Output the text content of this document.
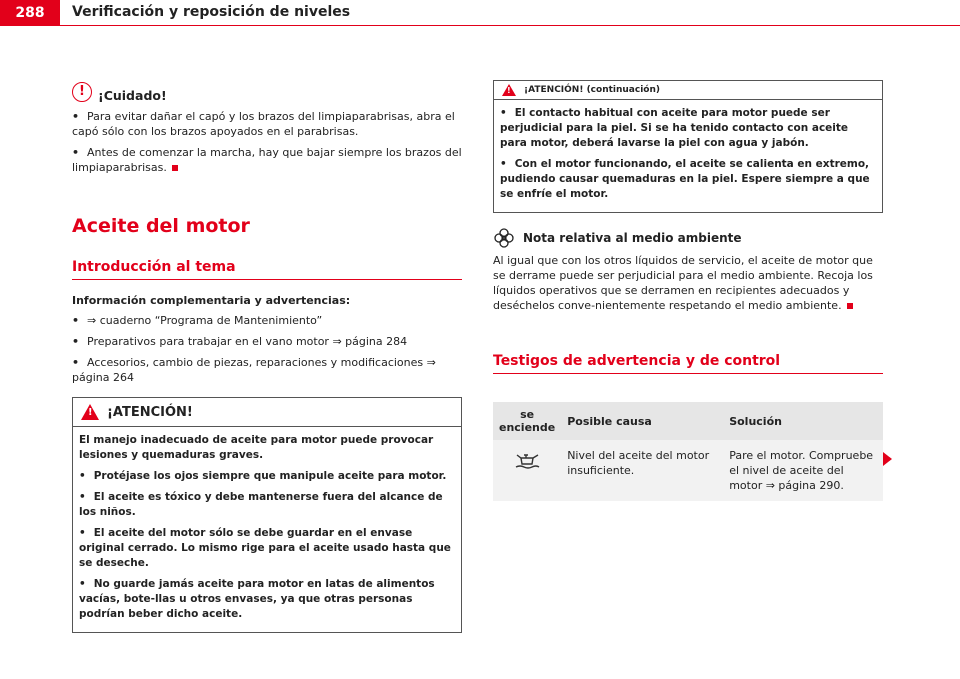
288	Verificación y reposición de niveles
!	¡Cuidado!

• Para evitar dañar el capó y los brazos del limpiaparabrisas, abra el capó sólo con los brazos apoyados en el parabrisas.

• Antes de comenzar la marcha, hay que bajar siempre los brazos del limpiaparabrisas.

Aceite del motor
Introducción al tema
Información complementaria y advertencias:

• ⇒ cuaderno “Programa de Mantenimiento”

• Preparativos para trabajar en el vano motor ⇒ página 284

• Accesorios, cambio de piezas, reparaciones y modificaciones ⇒ página 264

!
¡ATENCIÓN!

El manejo inadecuado de aceite para motor puede provocar lesiones y quemaduras graves.

• Protéjase los ojos siempre que manipule aceite para motor.

• El aceite es tóxico y debe mantenerse fuera del alcance de los niños.

• El aceite del motor sólo se debe guardar en el envase original cerrado. Lo mismo rige para el aceite usado hasta que se deseche.

• No guarde jamás aceite para motor en latas de alimentos vacías, bote-llas u otros envases, ya que otras personas podrían beber dicho aceite.

!
¡ATENCIÓN! (continuación)

• El contacto habitual con aceite para motor puede ser perjudicial para la piel. Si se ha tenido contacto con aceite para motor, deberá lavarse la piel con agua y jabón.

• Con el motor funcionando, el aceite se calienta en extremo, pudiendo causar quemaduras en la piel. Espere siempre a que se enfríe el motor.

Nota relativa al medio ambiente

Al igual que con los otros líquidos de servicio, el aceite de motor que se derrame puede ser perjudicial para el medio ambiente. Recoja los líquidos operativos que se derramen en recipientes adecuados y deséchelos conve-nientemente respetando el medio ambiente.

Testigos de advertencia y de control
se enciende	Posible causa	Solución
	Nivel del aceite del motor insuficiente.	Pare el motor. Compruebe el nivel de aceite del motor ⇒ página 290.
